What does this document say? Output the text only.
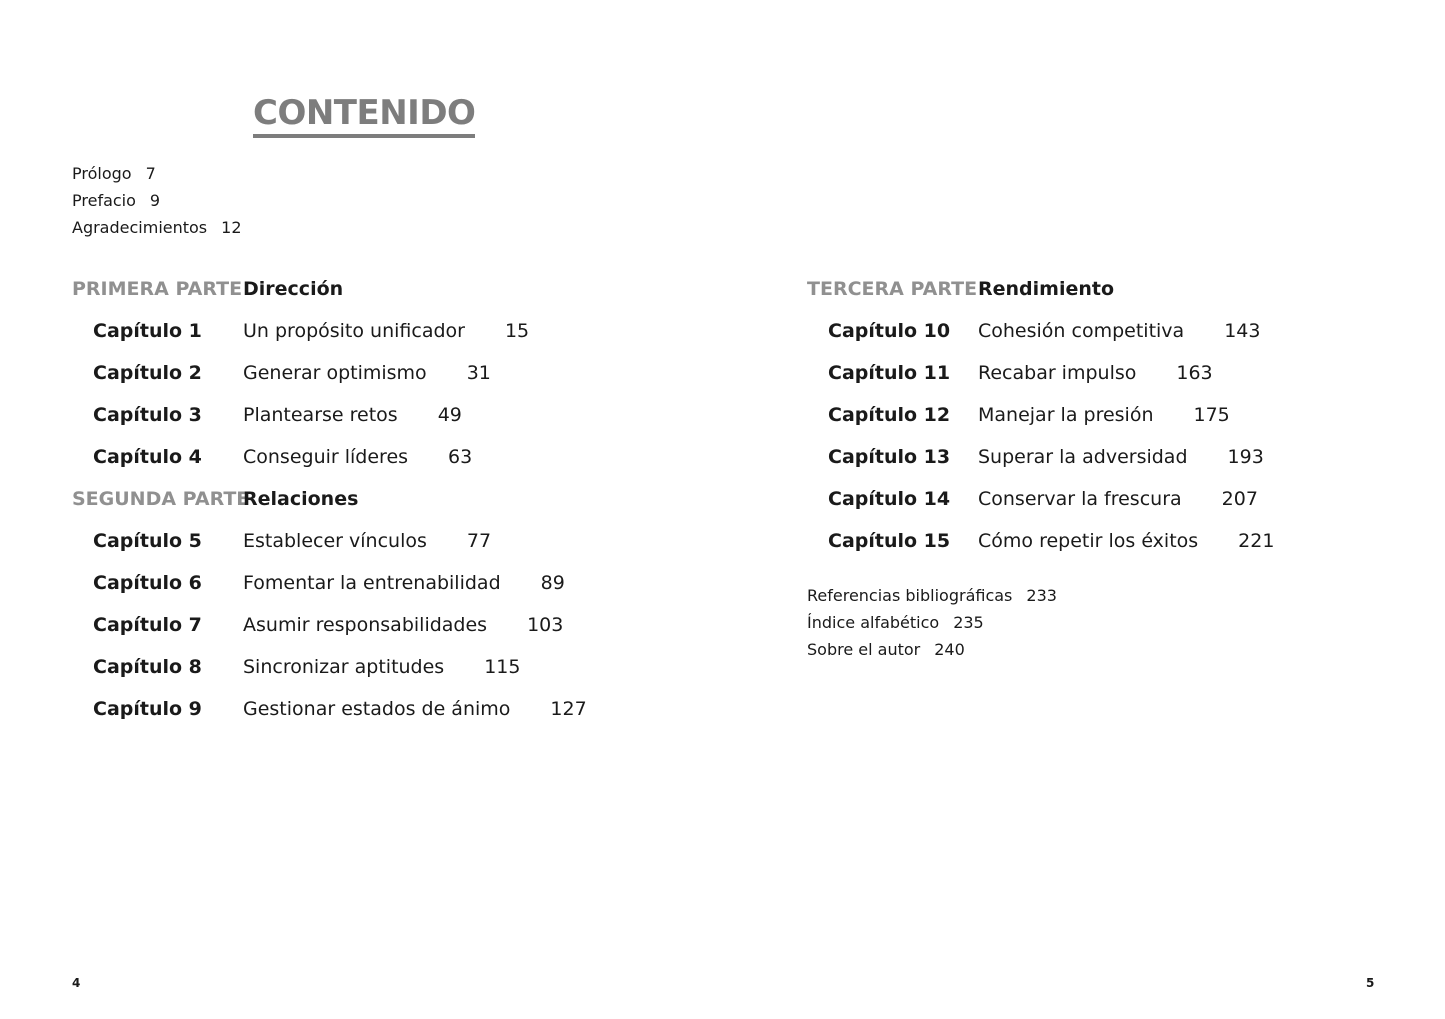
CONTENIDO
Prólogo 7
Prefacio 9
Agradecimientos 12
PRIMERA PARTE Dirección
Capítulo 1 Un propósito unificador 15
Capítulo 2 Generar optimismo 31
Capítulo 3 Plantearse retos 49
Capítulo 4 Conseguir líderes 63
SEGUNDA PARTE
Relaciones
Capítulo 5 Establecer vínculos 77
Capítulo 6 Fomentar la entrenabilidad 89
Capítulo 7 Asumir responsabilidades 103
Capítulo 8 Sincronizar aptitudes 115
Capítulo 9 Gestionar estados de ánimo 127
TERCERA PARTE Rendimiento
Capítulo 10 Cohesión competitiva 143
Capítulo 11 Recabar impulso 163
Capítulo 12 Manejar la presión 175
Capítulo 13 Superar la adversidad 193
Capítulo 14 Conservar la frescura 207
Capítulo 15 Cómo repetir los éxitos 221
Referencias bibliográficas 233
Índice alfabético 235
Sobre el autor 240
4	5
